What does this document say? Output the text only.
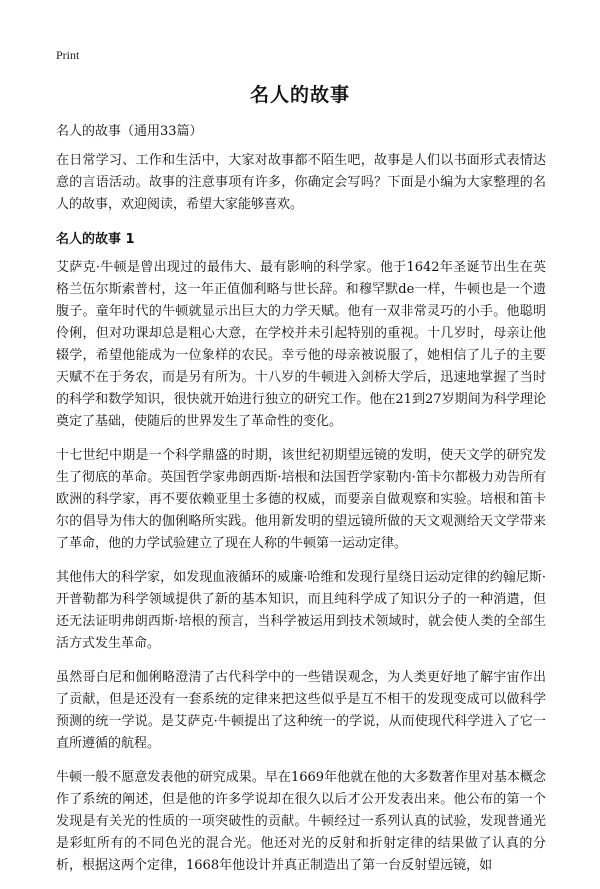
Print
名人的故事
名人的故事（通用33篇）

在日常学习、工作和生活中，大家对故事都不陌生吧，故事是人们以书面形式表情达意的言语活动。故事的注意事项有许多，你确定会写吗？下面是小编为大家整理的名人的故事，欢迎阅读，希望大家能够喜欢。

名人的故事 1

艾萨克·牛顿是曾出现过的最伟大、最有影响的科学家。他于1642年圣诞节出生在英格兰伍尔斯索普村，这一年正值伽利略与世长辞。和穆罕默de一样，牛顿也是一个遗腹子。童年时代的牛顿就显示出巨大的力学天赋。他有一双非常灵巧的小手。他聪明伶俐，但对功课却总是粗心大意，在学校并未引起特别的重视。十几岁时，母亲让他辍学，希望他能成为一位象样的农民。幸亏他的母亲被说服了，她相信了儿子的主要天赋不在于务农，而是另有所为。十八岁的牛顿进入剑桥大学后，迅速地掌握了当时的科学和数学知识，很快就开始进行独立的研究工作。他在21到27岁期间为科学理论奠定了基础，使随后的世界发生了革命性的变化。

十七世纪中期是一个科学鼎盛的时期，该世纪初期望远镜的发明，使天文学的研究发生了彻底的革命。英国哲学家弗朗西斯·培根和法国哲学家勒内·笛卡尔都极力劝告所有欧洲的科学家，再不要依赖亚里士多德的权威，而要亲自做观察和实验。培根和笛卡尔的倡导为伟大的伽俐略所实践。他用新发明的望远镜所做的天文观测给天文学带来了革命，他的力学试验建立了现在人称的牛顿第一运动定律。

其他伟大的科学家，如发现血液循环的威廉·哈维和发现行星绕日运动定律的约翰尼斯·开普勒都为科学领域提供了新的基本知识，而且纯科学成了知识分子的一种消遣，但还无法证明弗朗西斯·培根的预言，当科学被运用到技术领域时，就会使人类的全部生活方式发生革命。

虽然哥白尼和伽俐略澄清了古代科学中的一些错误观念，为人类更好地了解宇宙作出了贡献，但是还没有一套系统的定律来把这些似乎是互不相干的发现变成可以做科学预测的统一学说。是艾萨克·牛顿提出了这种统一的学说，从而使现代科学进入了它一直所遵循的航程。

牛顿一般不愿意发表他的研究成果。早在1669年他就在他的大多数著作里对基本概念作了系统的阐述，但是他的许多学说却在很久以后才公开发表出来。他公布的第一个发现是有关光的性质的一项突破性的贡献。牛顿经过一系列认真的试验，发现普通光是彩虹所有的不同色光的混合光。他还对光的反射和折射定律的结果做了认真的分析，根据这两个定律，1668年他设计并真正制造出了第一台反射望远镜，如
